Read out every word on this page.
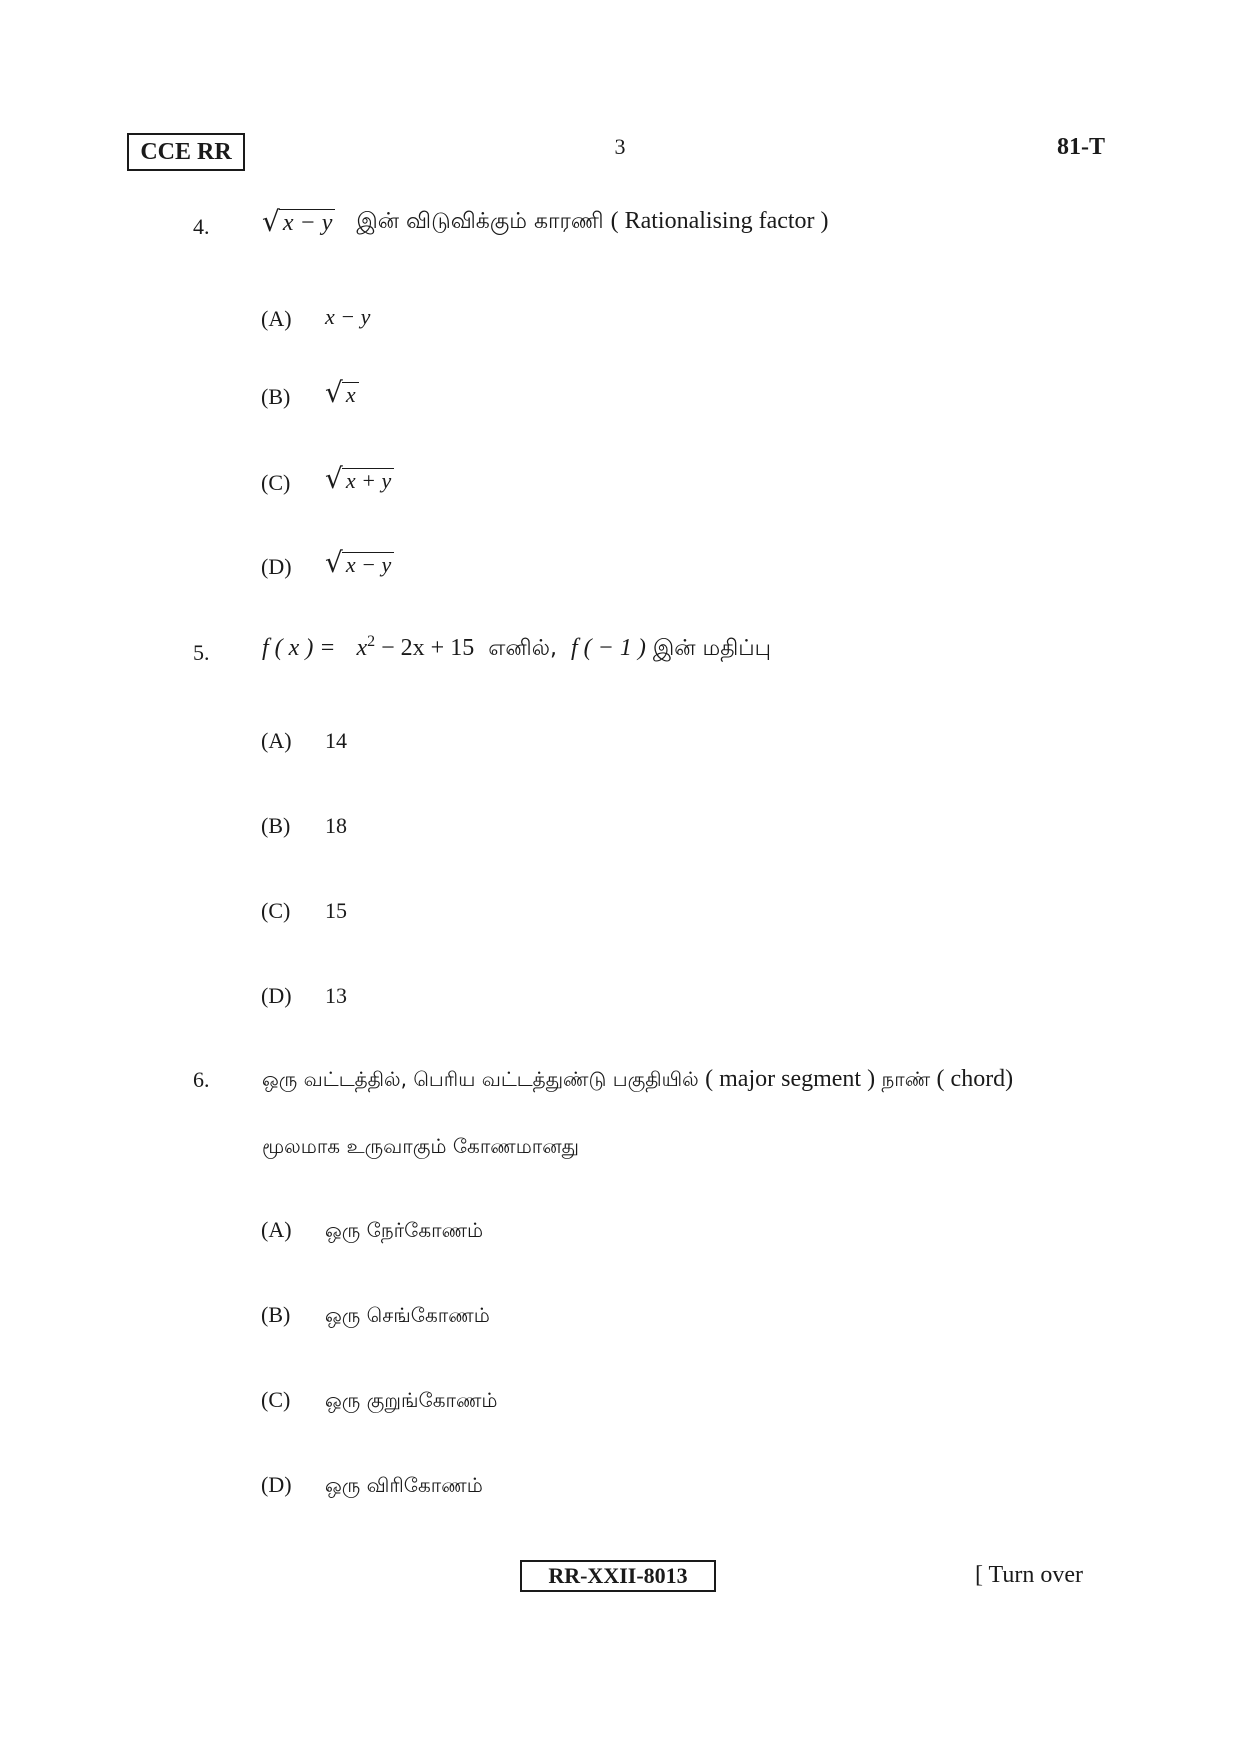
CCE RR	3	81-T
4. √ x − y இன் விடுவிக்கும் காரணி ( Rationalising factor )
(A) x − y
(B) √ x
(C) √ x + y
(D) √ x − y
5. f ( x ) = $x^2 - 2x + 15$ எனில், f ( − 1 ) இன் மதிப்பு
(A) 14
(B) 18
(C) 15
(D) 13
6.	ஒரு வட்டத்தில், பெரிய வட்டத்துண்டு பகுதியில் ( major segment ) நாண் ( chord)
மூலமாக உருவாகும் கோணமானது
(A) ஒரு நேர்கோணம்
(B) ஒரு செங்கோணம்
(C) ஒரு குறுங்கோணம்
(D) ஒரு விரிகோணம்
RR-XXII-8013	[ Turn over
